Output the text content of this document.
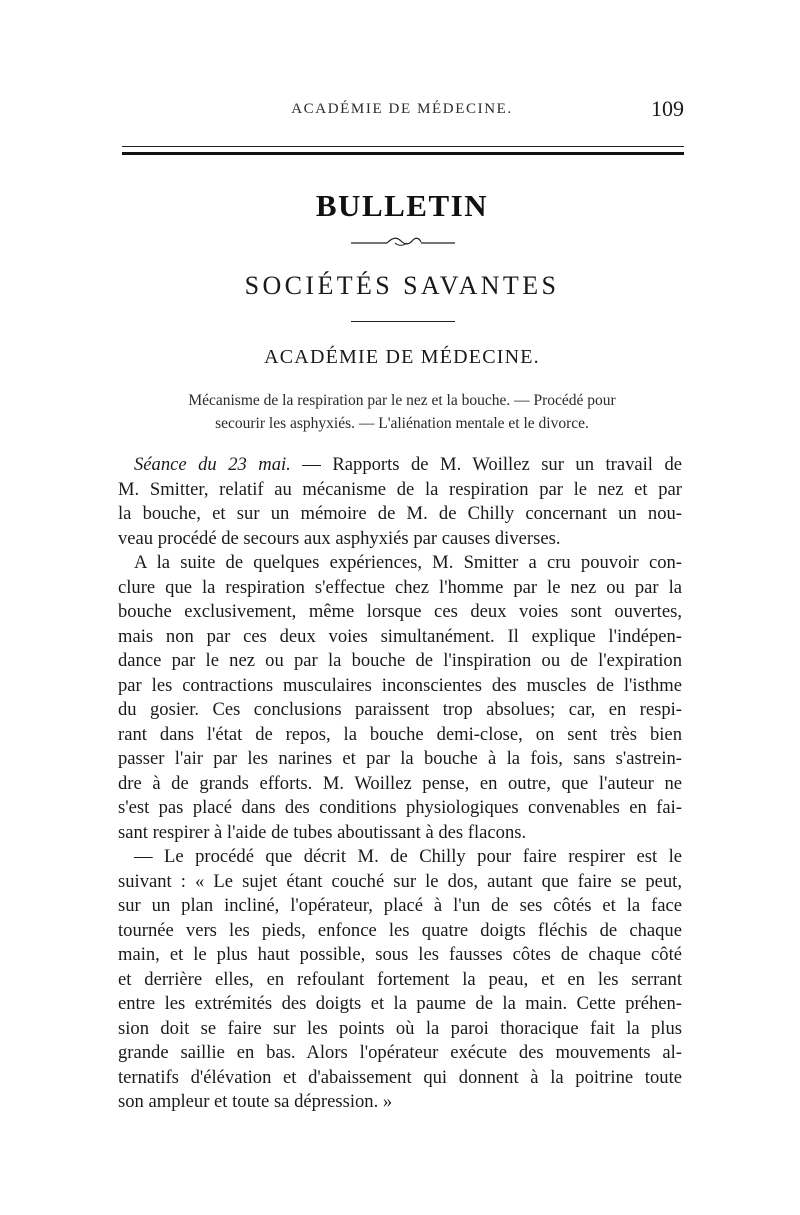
ACADÉMIE DE MÉDECINE.	109
BULLETIN
SOCIÉTÉS SAVANTES
ACADÉMIE DE MÉDECINE.
Mécanisme de la respiration par le nez et la bouche. — Procédé pour
secourir les asphyxiés. — L'aliénation mentale et le divorce.
Séance du 23 mai. — Rapports de M. Woillez sur un travail de
M. Smitter, relatif au mécanisme de la respiration par le nez et par
la bouche, et sur un mémoire de M. de Chilly concernant un nou-
veau procédé de secours aux asphyxiés par causes diverses.
A la suite de quelques expériences, M. Smitter a cru pouvoir con-
clure que la respiration s'effectue chez l'homme par le nez ou par la
bouche exclusivement, même lorsque ces deux voies sont ouvertes,
mais non par ces deux voies simultanément. Il explique l'indépen-
dance par le nez ou par la bouche de l'inspiration ou de l'expiration
par les contractions musculaires inconscientes des muscles de l'isthme
du gosier. Ces conclusions paraissent trop absolues; car, en respi-
rant dans l'état de repos, la bouche demi-close, on sent très bien
passer l'air par les narines et par la bouche à la fois, sans s'astrein-
dre à de grands efforts. M. Woillez pense, en outre, que l'auteur ne
s'est pas placé dans des conditions physiologiques convenables en fai-
sant respirer à l'aide de tubes aboutissant à des flacons.
— Le procédé que décrit M. de Chilly pour faire respirer est le
suivant : « Le sujet étant couché sur le dos, autant que faire se peut,
sur un plan incliné, l'opérateur, placé à l'un de ses côtés et la face
tournée vers les pieds, enfonce les quatre doigts fléchis de chaque
main, et le plus haut possible, sous les fausses côtes de chaque côté
et derrière elles, en refoulant fortement la peau, et en les serrant
entre les extrémités des doigts et la paume de la main. Cette préhen-
sion doit se faire sur les points où la paroi thoracique fait la plus
grande saillie en bas. Alors l'opérateur exécute des mouvements al-
ternatifs d'élévation et d'abaissement qui donnent à la poitrine toute
son ampleur et toute sa dépression. »
